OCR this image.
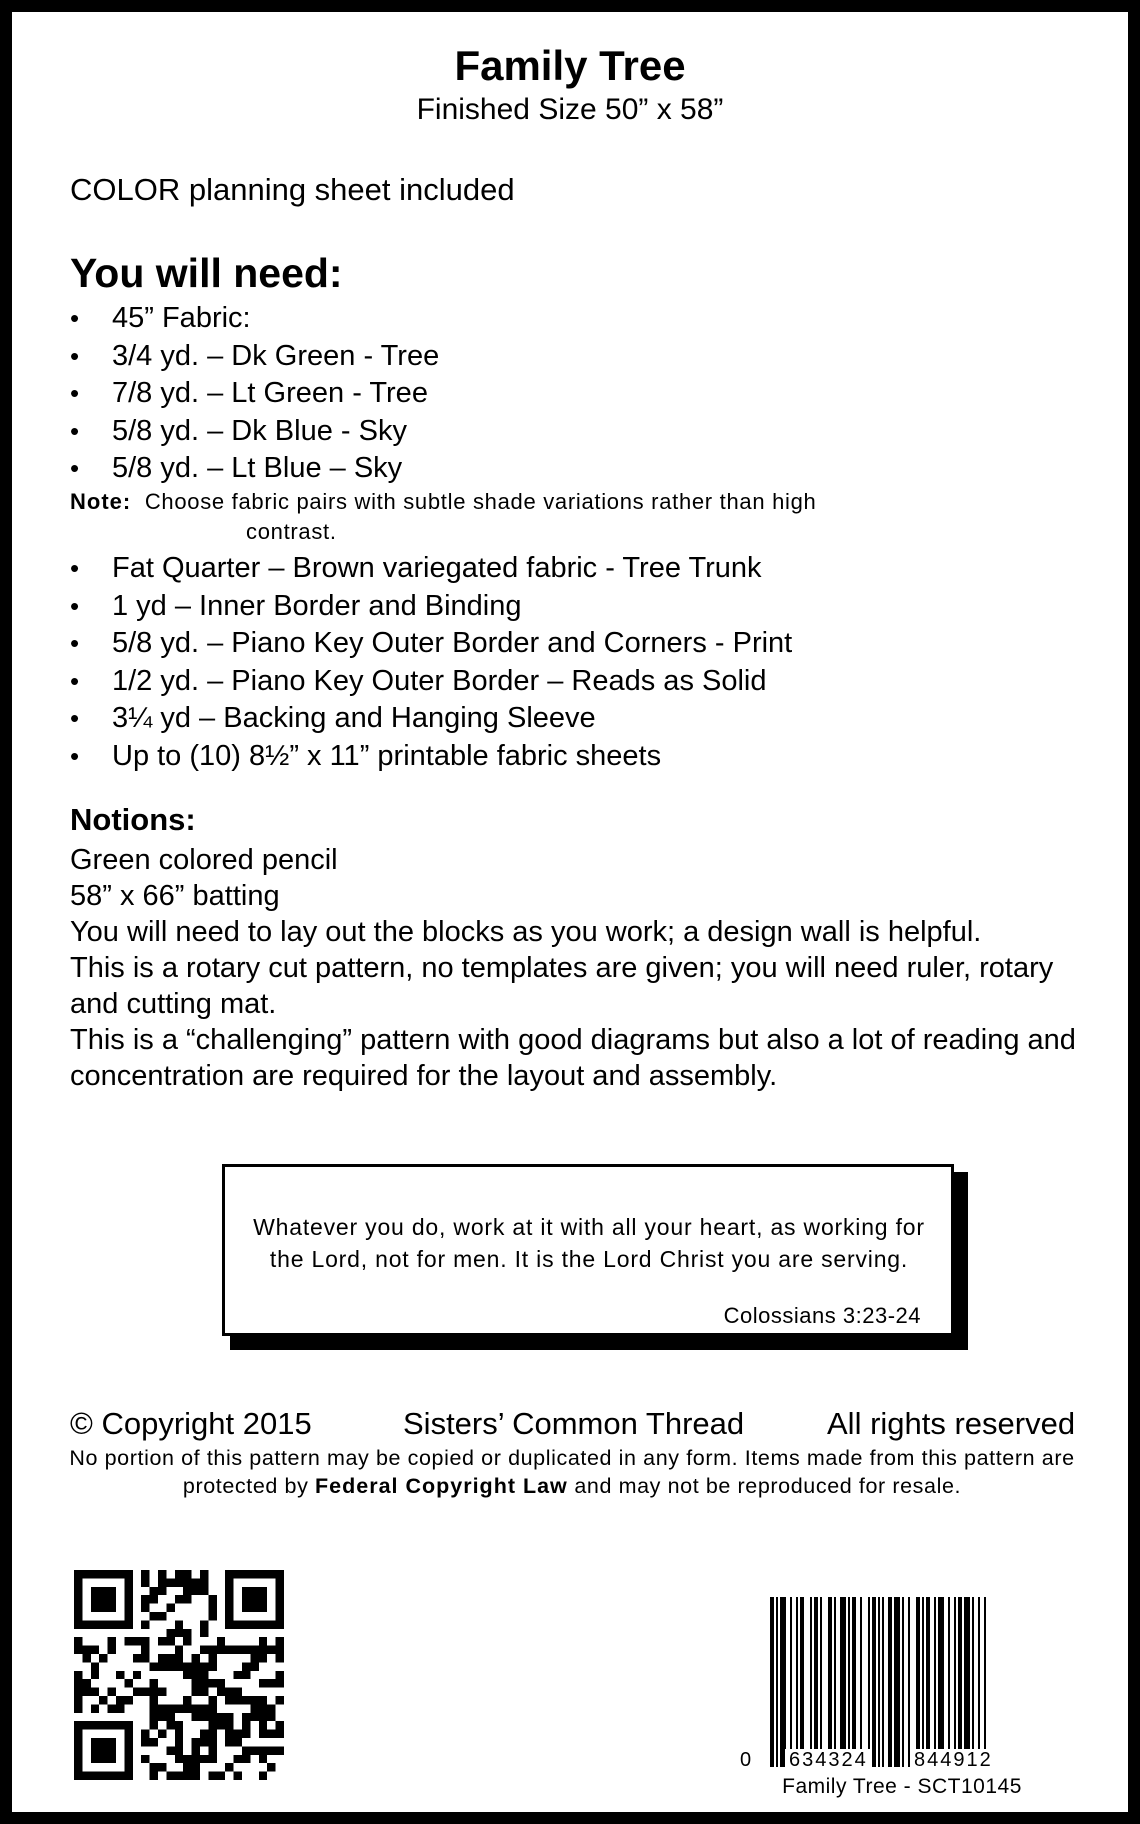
Family Tree
Finished Size 50” x 58”
COLOR planning sheet included
You will need:
• 45” Fabric:
• 3/4 yd. – Dk Green - Tree
• 7/8 yd. – Lt Green - Tree
• 5/8 yd. – Dk Blue - Sky
• 5/8 yd. – Lt Blue – Sky
Note: Choose fabric pairs with subtle shade variations rather than high
contrast.
• Fat Quarter – Brown variegated fabric - Tree Trunk
• 1 yd – Inner Border and Binding
• 5/8 yd. – Piano Key Outer Border and Corners - Print
• 1/2 yd. – Piano Key Outer Border – Reads as Solid
• 3¼ yd – Backing and Hanging Sleeve
• Up to (10) 8½” x 11” printable fabric sheets
Notions:

Green colored pencil

58” x 66” batting

You will need to lay out the blocks as you work; a design wall is helpful.

This is a rotary cut pattern, no templates are given; you will need ruler, rotary and cutting mat.

This is a “challenging” pattern with good diagrams but also a lot of reading and concentration are required for the layout and assembly.

Whatever you do, work at it with all your heart, as working for the Lord, not for men. It is the Lord Christ you are serving.
Colossians 3:23-24
© Copyright 2015	Sisters’ Common Thread	All rights reserved
No portion of this pattern may be copied or duplicated in any form. Items made from this pattern are protected by Federal Copyright Law and may not be reproduced for resale.
0 634324 844912
Family Tree - SCT10145
